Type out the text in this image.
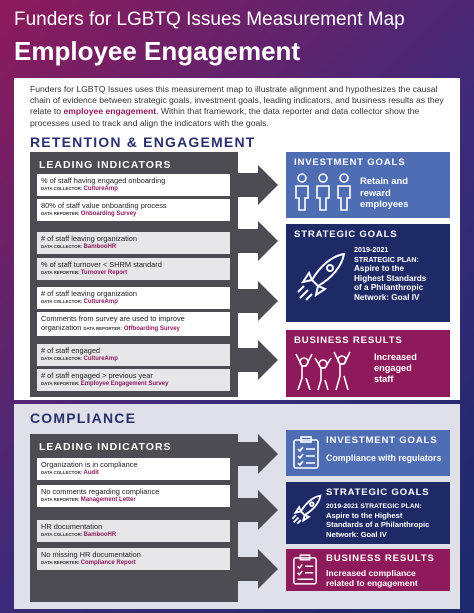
Funders for LGBTQ Issues Measurement Map
Employee Engagement

Funders for LGBTQ Issues uses this measurement map to illustrate alignment and hypothesizes the causal chain of evidence between strategic goals, investment goals, leading indicators, and business results as they relate to employee engagement. Within that framework, the data reporter and data collector show the processes used to track and align the indicators with the goals.

RETENTION & ENGAGEMENT
LEADING INDICATORS
% of staff having engaged onboarding
DATA COLLECTOR: CultureAmp
80% of staff value onboarding process
DATA REPORTER: Onboarding Survey
# of staff leaving organization
DATA COLLECTOR: BambooHR
% of staff turnover < SHRM standard
DATA REPORTER: Turnover Report
# of staff leaving organization
DATA COLLECTOR: CultureAmp
Comments from survey are used to improve
organization DATA REPORTER: Offboarding Survey
# of staff engaged
DATA COLLECTOR: CultureAmp
# of staff engaged > previous year
DATA REPORTER: Employee Engagement Survey
INVESTMENT GOALS
Retain and
reward
employees
STRATEGIC GOALS
2019-2021
STRATEGIC PLAN:
Aspire to the
Highest Standards
of a Philanthropic
Network: Goal IV
BUSINESS RESULTS
Increased
engaged
staff
COMPLIANCE
LEADING INDICATORS
Organization is in compliance
DATA COLLECTOR: Audit
No comments regarding compliance
DATA REPORTER: Management Letter
HR documentation
DATA COLLECTOR: BambooHR
No missing HR documentation
DATA REPORTER: Compliance Report
INVESTMENT GOALS
Compliance with regulators
STRATEGIC GOALS
2019-2021 STRATEGIC PLAN:
Aspire to the Highest
Standards of a Philanthropic
Network: Goal IV
BUSINESS RESULTS
Increased compliance
related to engagement
